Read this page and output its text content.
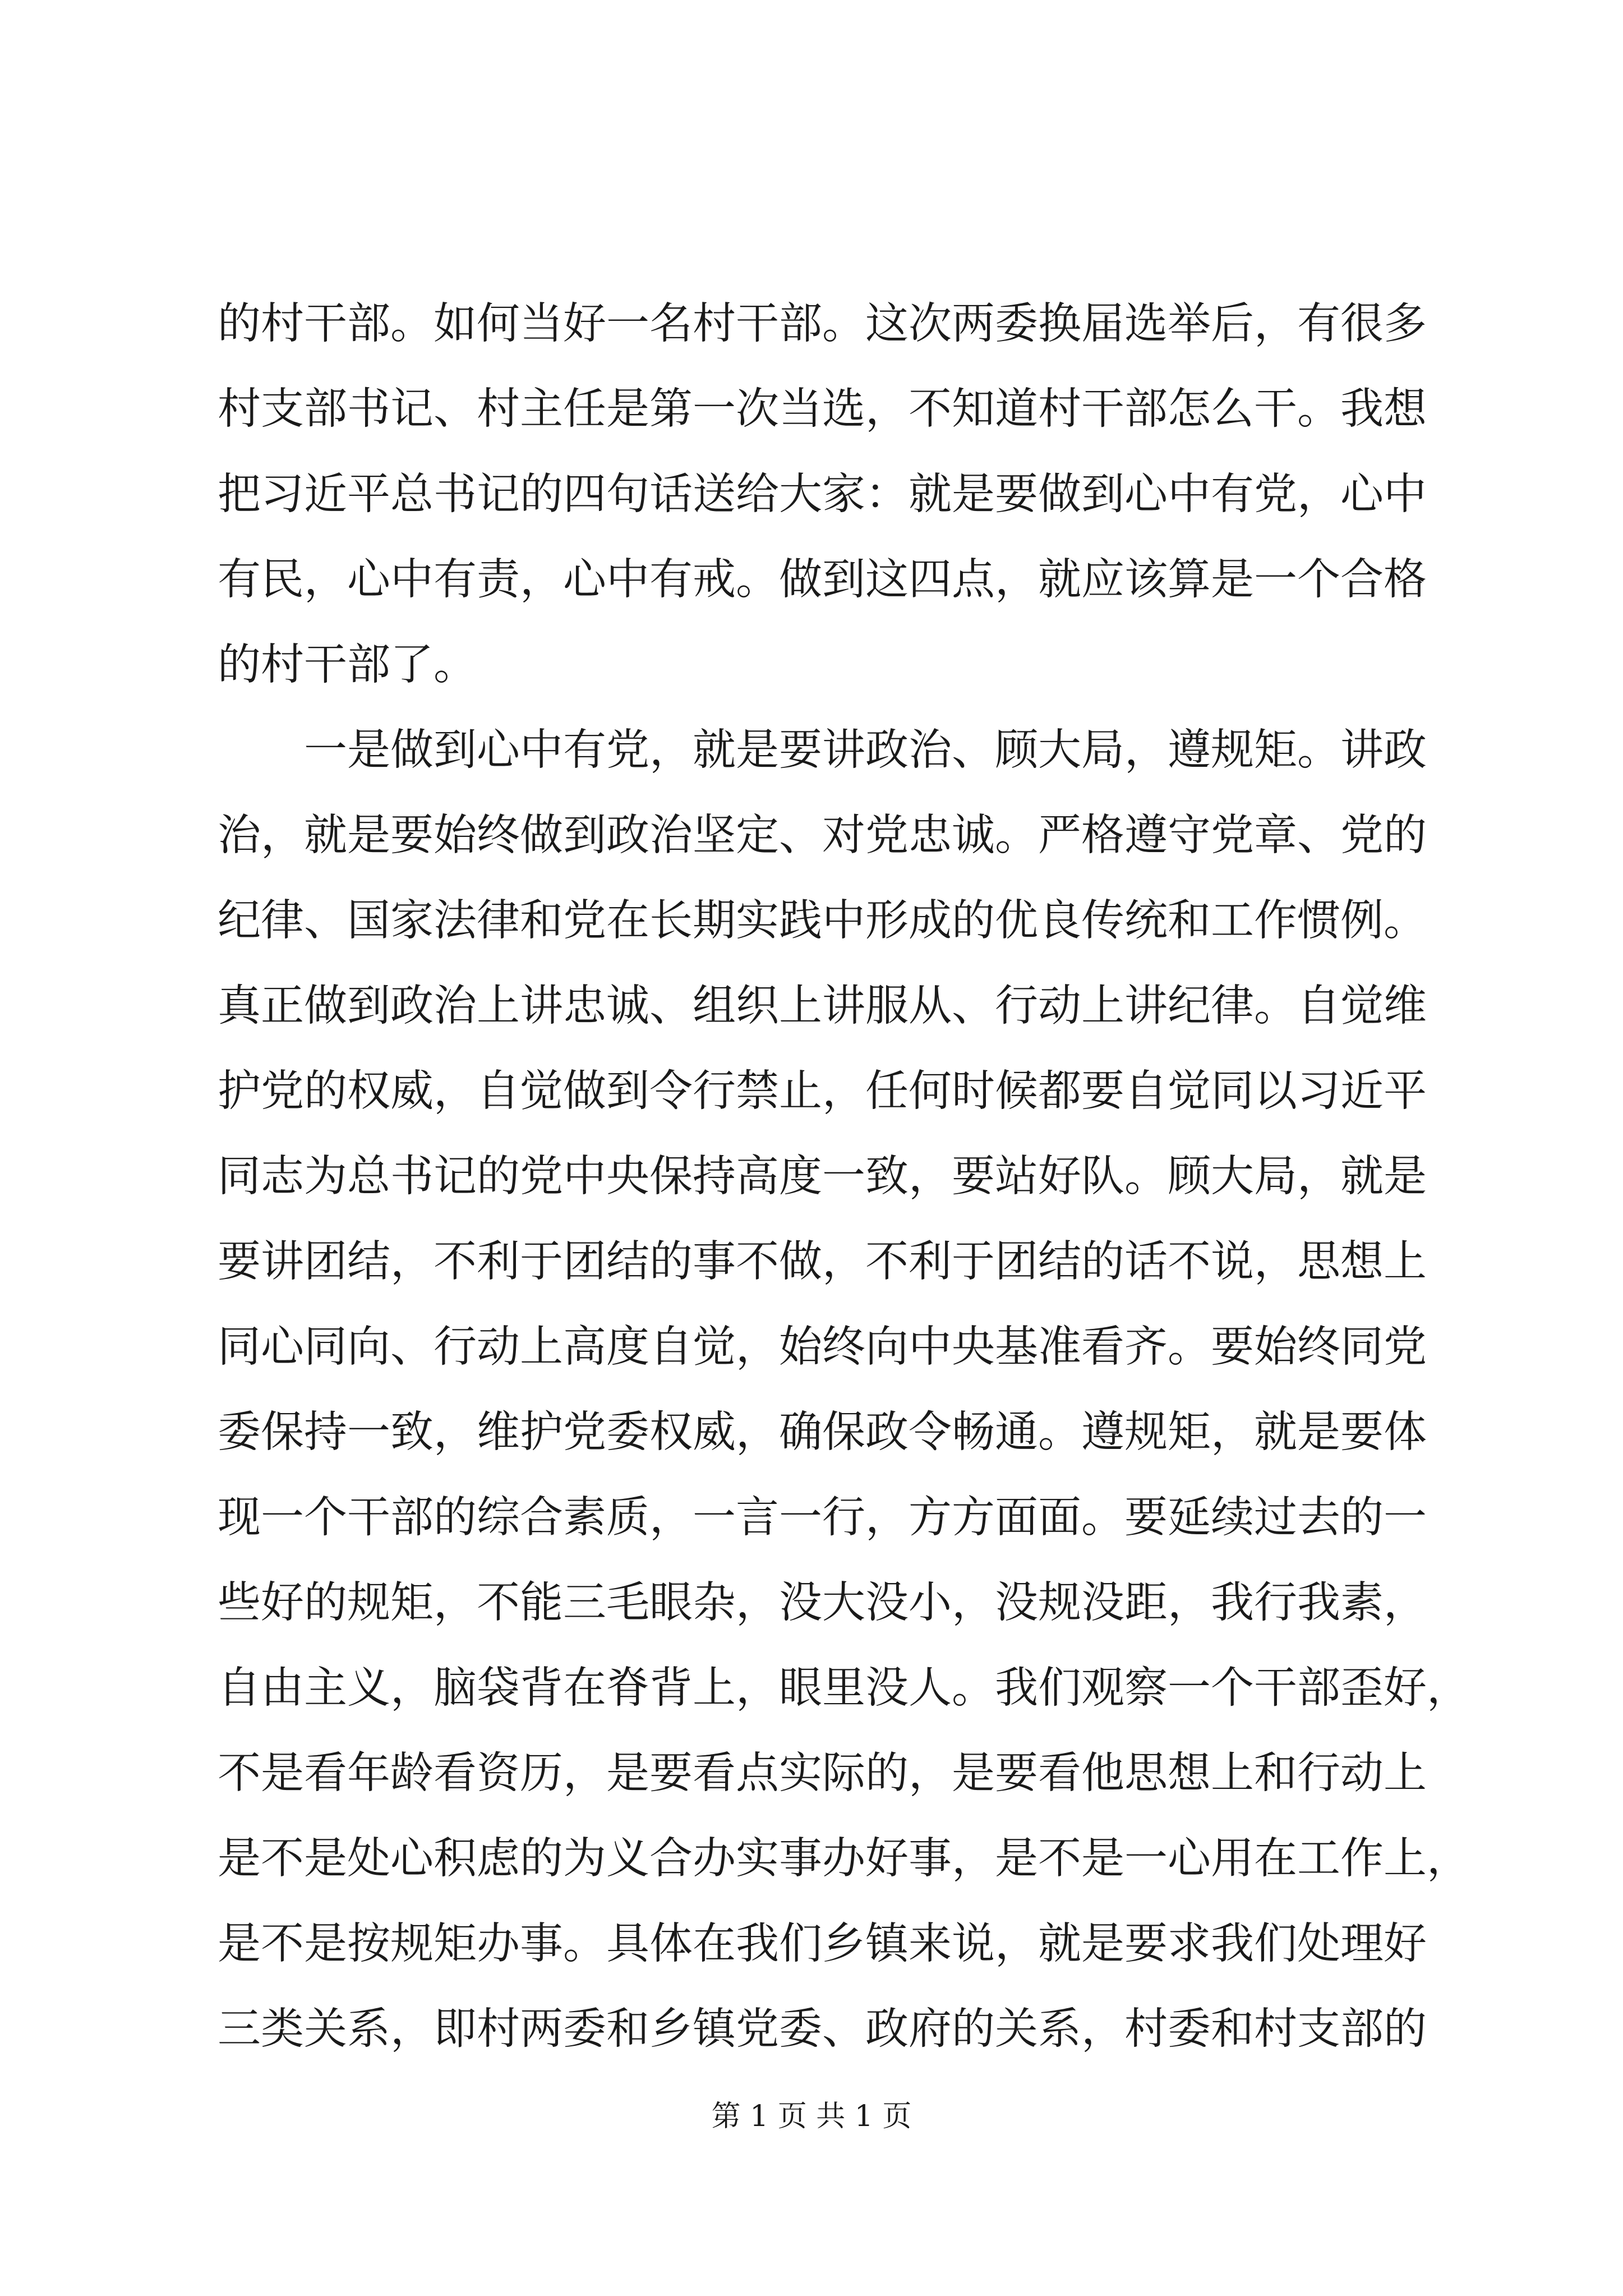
的村干部。如何当好一名村干部。这次两委换届选举后，有很多
村支部书记、村主任是第一次当选，不知道村干部怎么干。我想
把习近平总书记的四句话送给大家：就是要做到心中有党，心中
有民，心中有责，心中有戒。做到这四点，就应该算是一个合格
的村干部了。
一是做到心中有党，就是要讲政治、顾大局，遵规矩。讲政
治，就是要始终做到政治坚定、对党忠诚。严格遵守党章、党的
纪律、国家法律和党在长期实践中形成的优良传统和工作惯例。
真正做到政治上讲忠诚、组织上讲服从、行动上讲纪律。自觉维
护党的权威，自觉做到令行禁止，任何时候都要自觉同以习近平
同志为总书记的党中央保持高度一致，要站好队。顾大局，就是
要讲团结，不利于团结的事不做，不利于团结的话不说，思想上
同心同向、行动上高度自觉，始终向中央基准看齐。要始终同党
委保持一致，维护党委权威，确保政令畅通。遵规矩，就是要体
现一个干部的综合素质，一言一行，方方面面。要延续过去的一
些好的规矩，不能三毛眼杂，没大没小，没规没距，我行我素，
自由主义，脑袋背在脊背上，眼里没人。我们观察一个干部歪好，
不是看年龄看资历，是要看点实际的，是要看他思想上和行动上
是不是处心积虑的为义合办实事办好事，是不是一心用在工作上，
是不是按规矩办事。具体在我们乡镇来说，就是要求我们处理好
三类关系，即村两委和乡镇党委、政府的关系，村委和村支部的
第 1 页 共 1 页
